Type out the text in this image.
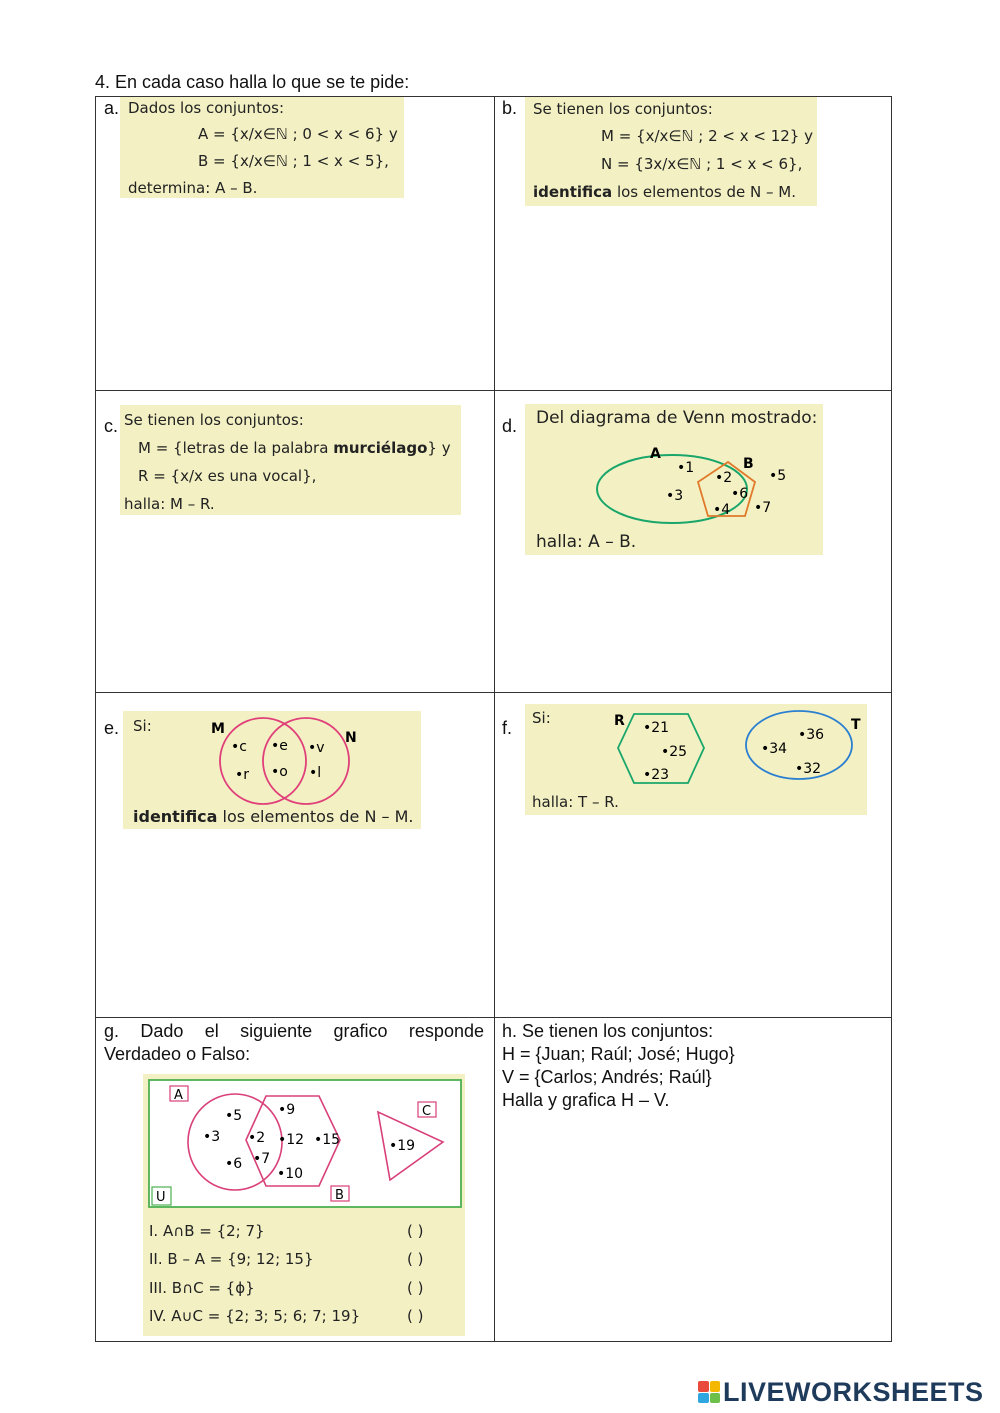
4. En cada caso halla lo que se te pide:
a. Dados los conjuntos:
A = {x/x∈ℕ ; 0 < x < 6} y
B = {x/x∈ℕ ; 1 < x < 5},
determina: A – B.
b. Se tienen los conjuntos:
M = {x/x∈ℕ ; 2 < x < 12} y
N = {3x/x∈ℕ ; 1 < x < 6},
identifica los elementos de N – M.
c. Se tienen los conjuntos:
M = {letras de la palabra murciélago} y
R = {x/x es una vocal},
halla: M – R.
d. Del diagrama de Venn mostrado:
A
B
•1
•3
•2
•6
•4
•5
•7
halla: A – B.
e. Si:	M
N
•c
•r
•e
•o
•v
•l
identifica los elementos de N – M.
f. Si:	R	T
•21
•25
•23
•36
•34
•32
halla: T – R.
g. Dado el siguiente grafico responde Verdadeo o Falso:
A
B
C
U
•5
•3
•6
•2
•7
•9
•12 •15
•10
•19
I. A∩B = {2; 7}	( )
II. B – A = {9; 12; 15}	( )
III. B∩C = {ϕ}	( )
IV. A∪C = {2; 3; 5; 6; 7; 19}	( )
h. Se tienen los conjuntos:
H = {Juan; Raúl; José; Hugo}
V = {Carlos; Andrés; Raúl}
Halla y grafica H – V.
LIVEWORKSHEETS
